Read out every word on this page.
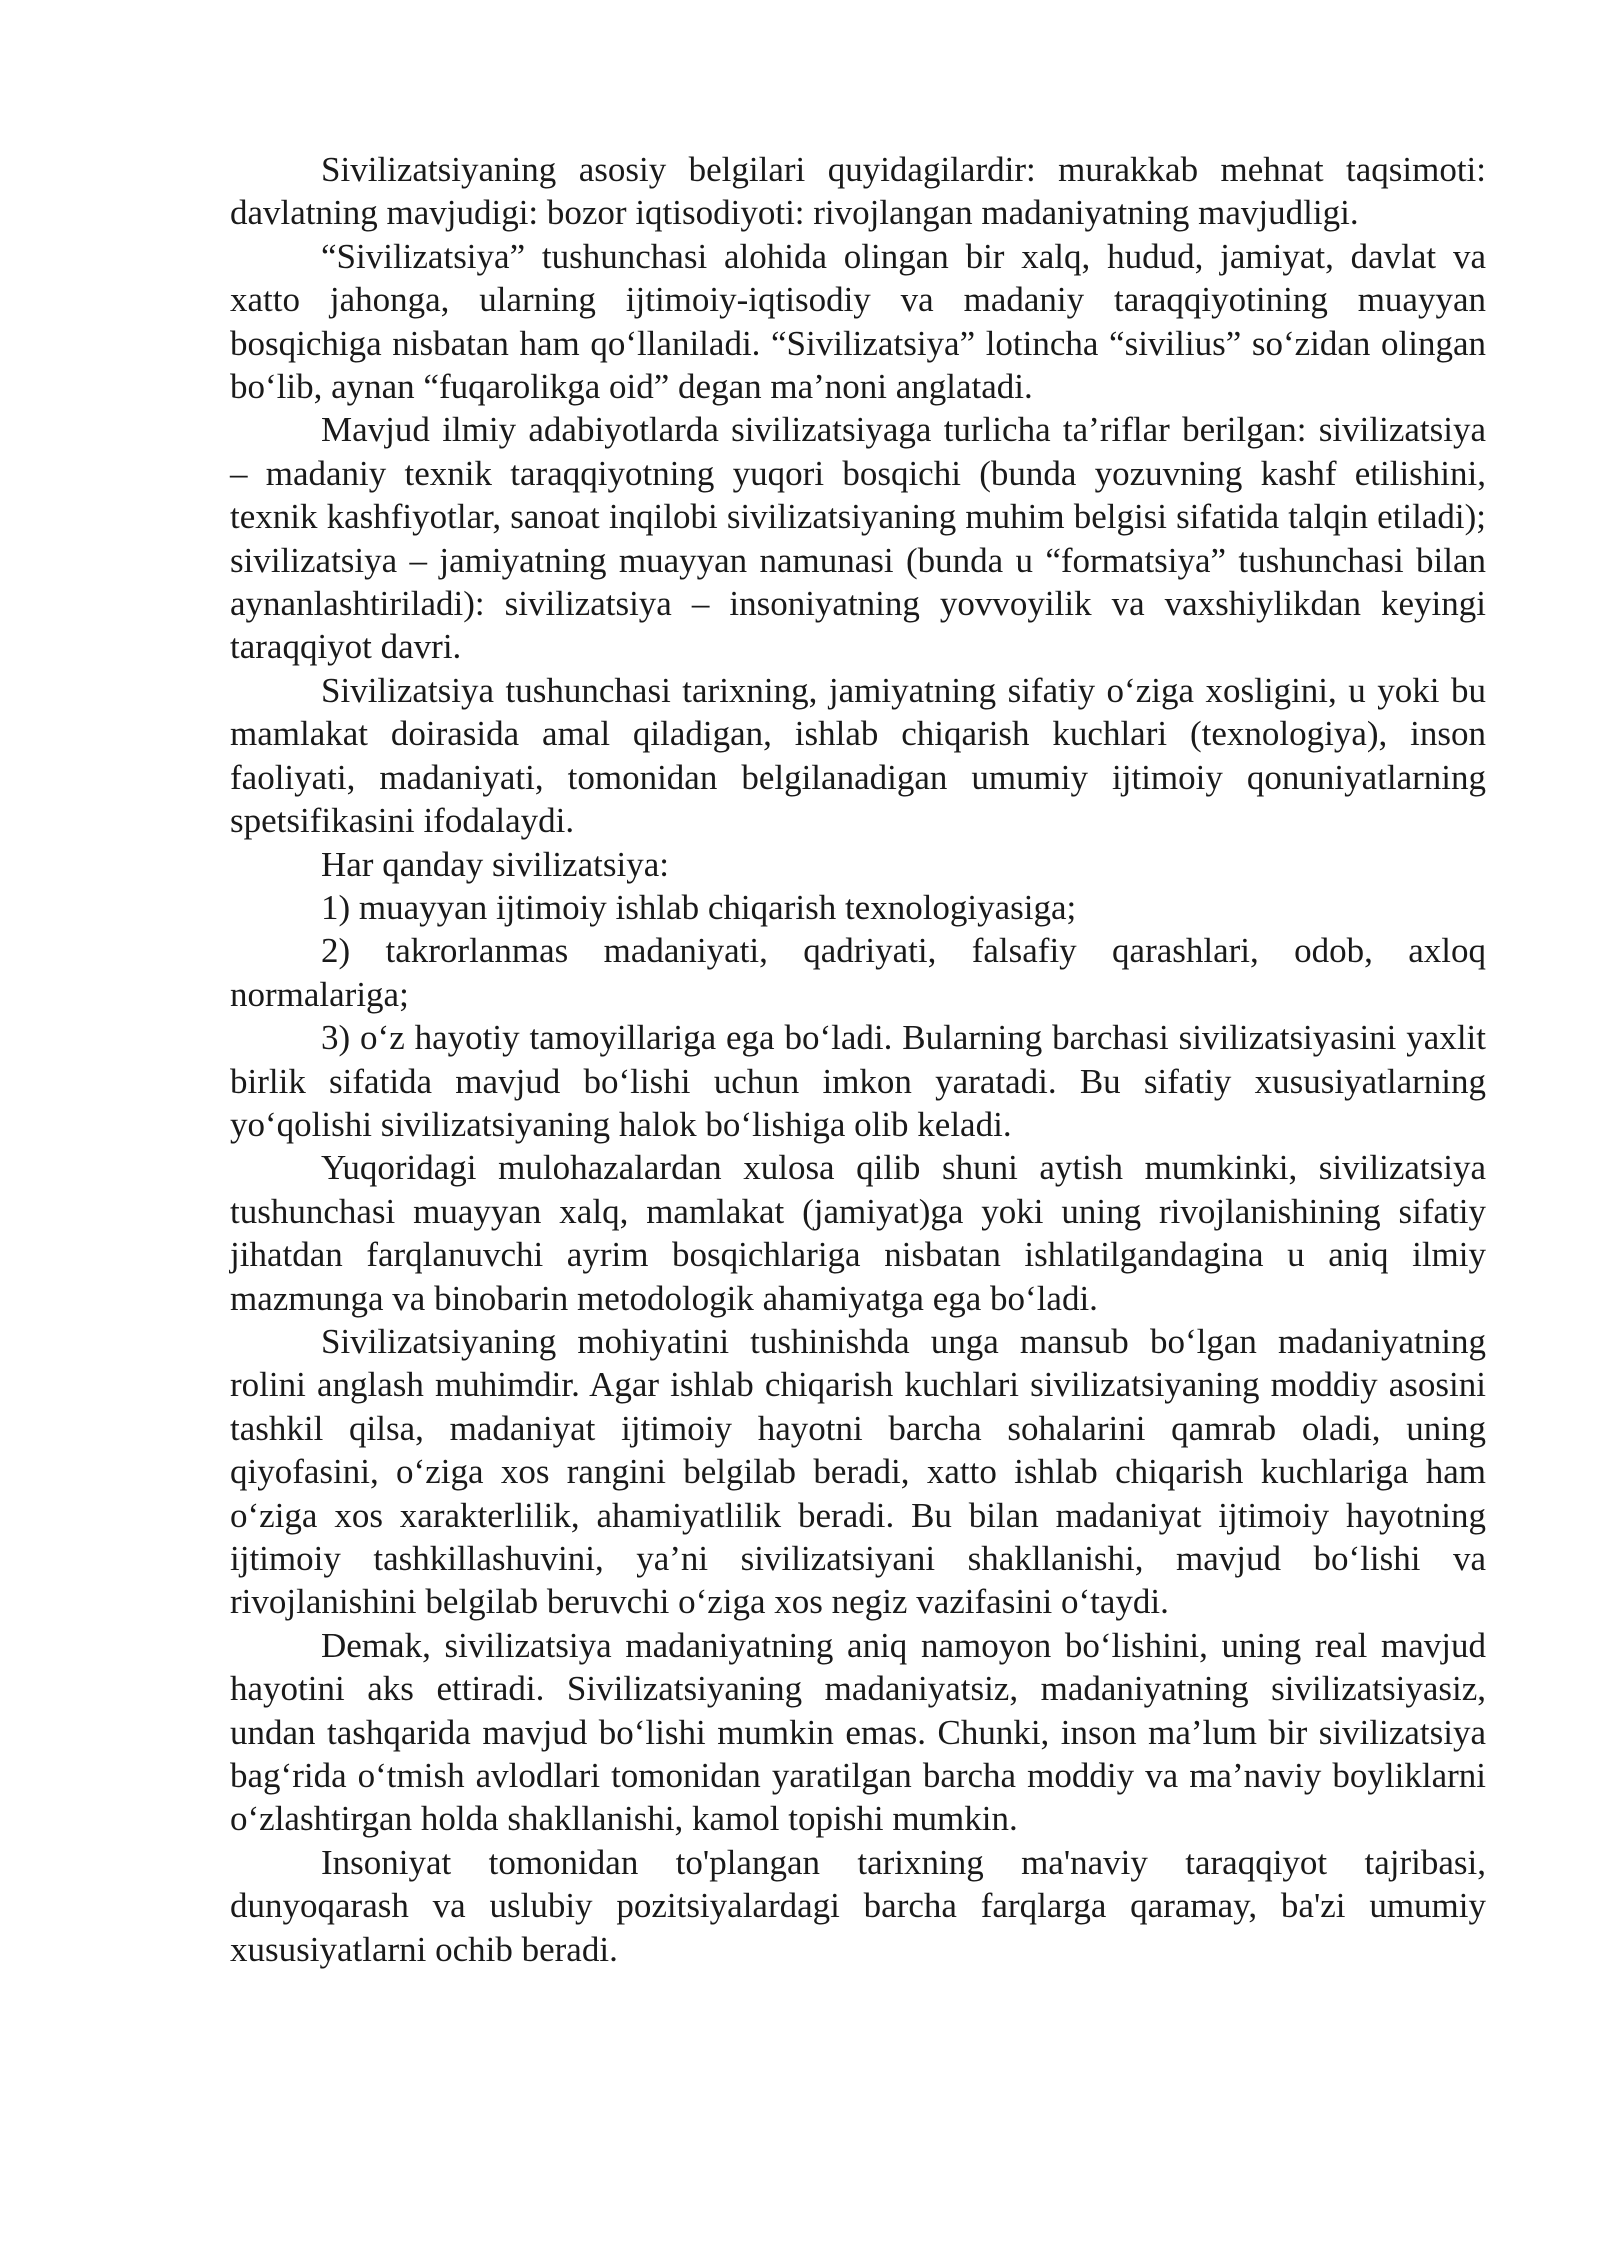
Sivilizatsiyaning asosiy belgilari quyidagilardir: murakkab mehnat taqsimoti: davlatning mavjudigi: bozor iqtisodiyoti: rivojlangan madaniyatning mavjudligi.

“Sivilizatsiya” tushunchasi alohida olingan bir xalq, hudud, jamiyat, davlat va xatto jahonga, ularning ijtimoiy-iqtisodiy va madaniy taraqqiyotining muayyan bosqichiga nisbatan ham qo‘llaniladi. “Sivilizatsiya” lotincha “sivilius” so‘zidan olingan bo‘lib, aynan “fuqarolikga oid” degan ma’noni anglatadi.

Mavjud ilmiy adabiyotlarda sivilizatsiyaga turlicha ta’riflar berilgan: sivilizatsiya – madaniy texnik taraqqiyotning yuqori bosqichi (bunda yozuvning kashf etilishini, texnik kashfiyotlar, sanoat inqilobi sivilizatsiyaning muhim belgisi sifatida talqin etiladi); sivilizatsiya – jamiyatning muayyan namunasi (bunda u “formatsiya” tushunchasi bilan aynanlashtiriladi): sivilizatsiya – insoniyatning yovvoyilik va vaxshiylikdan keyingi taraqqiyot davri.

Sivilizatsiya tushunchasi tarixning, jamiyatning sifatiy o‘ziga xosligini, u yoki bu mamlakat doirasida amal qiladigan, ishlab chiqarish kuchlari (texnologiya), inson faoliyati, madaniyati, tomonidan belgilanadigan umumiy ijtimoiy qonuniyatlarning spetsifikasini ifodalaydi.

Har qanday sivilizatsiya:

1) muayyan ijtimoiy ishlab chiqarish texnologiyasiga;

2) takrorlanmas madaniyati, qadriyati, falsafiy qarashlari, odob, axloq normalariga;

3) o‘z hayotiy tamoyillariga ega bo‘ladi. Bularning barchasi sivilizatsiyasini yaxlit birlik sifatida mavjud bo‘lishi uchun imkon yaratadi. Bu sifatiy xususiyatlarning yo‘qolishi sivilizatsiyaning halok bo‘lishiga olib keladi.

Yuqoridagi mulohazalardan xulosa qilib shuni aytish mumkinki, sivilizatsiya tushunchasi muayyan xalq, mamlakat (jamiyat)ga yoki uning rivojlanishining sifatiy jihatdan farqlanuvchi ayrim bosqichlariga nisbatan ishlatilgandagina u aniq ilmiy mazmunga va binobarin metodologik ahamiyatga ega bo‘ladi.

Sivilizatsiyaning mohiyatini tushinishda unga mansub bo‘lgan madaniyatning rolini anglash muhimdir. Agar ishlab chiqarish kuchlari sivilizatsiyaning moddiy asosini tashkil qilsa, madaniyat ijtimoiy hayotni barcha sohalarini qamrab oladi, uning qiyofasini, o‘ziga xos rangini belgilab beradi, xatto ishlab chiqarish kuchlariga ham o‘ziga xos xarakterlilik, ahamiyatlilik beradi. Bu bilan madaniyat ijtimoiy hayotning ijtimoiy tashkillashuvini, ya’ni sivilizatsiyani shakllanishi, mavjud bo‘lishi va rivojlanishini belgilab beruvchi o‘ziga xos negiz vazifasini o‘taydi.

Demak, sivilizatsiya madaniyatning aniq namoyon bo‘lishini, uning real mavjud hayotini aks ettiradi. Sivilizatsiyaning madaniyatsiz, madaniyatning sivilizatsiyasiz, undan tashqarida mavjud bo‘lishi mumkin emas. Chunki, inson ma’lum bir sivilizatsiya bag‘rida o‘tmish avlodlari tomonidan yaratilgan barcha moddiy va ma’naviy boyliklarni o‘zlashtirgan holda shakllanishi, kamol topishi mumkin.

Insoniyat tomonidan to'plangan tarixning ma'naviy taraqqiyot tajribasi, dunyoqarash va uslubiy pozitsiyalardagi barcha farqlarga qaramay, ba'zi umumiy xususiyatlarni ochib beradi.
